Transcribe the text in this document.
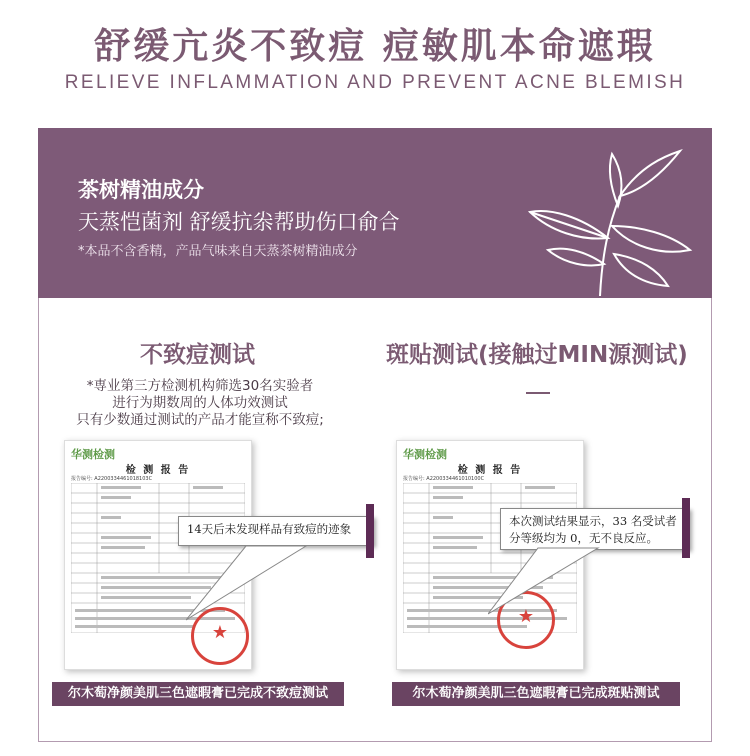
舒缓亢炎不致痘 痘敏肌本命遮瑕
RELIEVE INFLAMMATION AND PREVENT ACNE BLEMISH
茶树精油成分
天蒸恺菌剂 舒缓抗尜帮助伤口俞合
*本品不含香精，产品气味来自天蒸茶树精油成分
不致痘测试
*専业第三方检测机构筛选30名实验者
进行为期数周的人体功效测试
只有少数通过测试的产品才能宣称不致痘;
华测检测
检 测 报 告
报告编号: A2200334461018103C
★
14天后未发现样品有致痘的迹象
尔木萄净颜美肌三色遮暇膏已完成不致痘测试
斑贴测试(接触过MIN源测试)
华测检测
检 测 报 告
报告编号: A2200334461010100C
★
本次测试结果显示，33 名受试者
分等级均为 0，无不良反应。
尔木萄净颜美肌三色遮暇膏已完成斑贴测试
